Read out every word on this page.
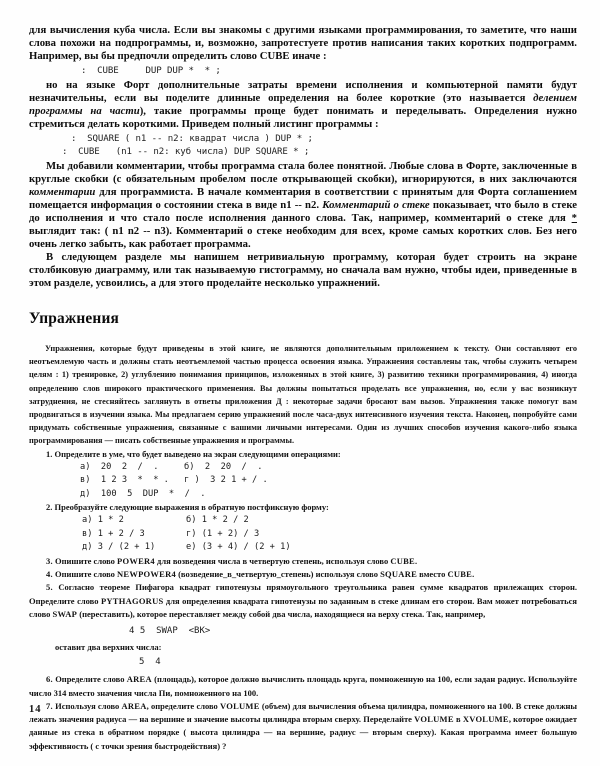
для вычисления куба числа. Если вы знакомы с другими языками программирования, то заметите, что наши слова похожи на подпрограммы, и, возможно, запротестуете против написания таких коротких подпрограмм. Например, вы бы предпочли определить слово CUBE иначе :

:  CUBE     DUP DUP *  * ;

но на языке Форт дополнительные затраты времени исполнения и компьютерной памяти будут незначительны, если вы поделите длинные определения на более короткие (это называется делением программы на части), такие программы проще будет понимать и переделывать. Определения нужно стремиться делать короткими. Приведем полный листинг программы :

:  SQUARE ( n1 -- n2: квадрат числа ) DUP * ;
:  CUBE   (n1 -- n2: куб числа) DUP SQUARE * ;

Мы добавили комментарии, чтобы программа стала более понятной. Любые слова в Форте, заключенные в круглые скобки (с обязательным пробелом после открывающей скобки), игнорируются, в них заключаются комментарии для программиста. В начале комментария в соответствии с принятым для Форта соглашением помещается информация о состоянии стека в виде n1 -- n2. Комментарий о стеке показывает, что было в стеке до исполнения и что стало после исполнения данного слова. Так, например, комментарий о стеке для * выглядит так: ( n1 n2 -- n3). Комментарий о стеке необходим для всех, кроме самых коротких слов. Без него очень легко забыть, как работает программа.

В следующем разделе мы напишем нетривиальную программу, которая будет строить на экране столбиковую диаграмму, или так называемую гистограмму, но сначала вам нужно, чтобы идеи, приведенные в этом разделе, усвоились, а для этого проделайте несколько упражнений.

Упражнения

Упражнения, которые будут приведены в этой книге, не являются дополнительным приложением к тексту. Они составляют его неотъемлемую часть и должны стать неотъемлемой частью процесса освоения языка. Упражнения составлены так, чтобы служить четырем целям : 1) тренировке, 2) углублению понимания принципов, изложенных в этой книге, 3) развитию техники программирования, 4) иногда определению слов широкого практического применения. Вы должны попытаться проделать все упражнения, но, если у вас возникнут затруднения, не стесняйтесь заглянуть в ответы приложения Д : некоторые задачи бросают вам вызов. Упражнения также помогут вам продвигаться в изучении языка. Мы предлагаем серию упражнений после часа-двух интенсивного изучения текста. Наконец, попробуйте сами придумать собственные упражнения, связанные с вашими личными интересами. Один из лучших способов изучения какого-либо языка программирования — писать собственные упражнения и программы.

1. Определите в уме, что будет выведено на экран следующими операциями:

а)  20  2  /  .	б)  2  20  /  .
в)  1 2 3  *  * . г )  3 2 1 + / .
д)  100  5  DUP  *  /  .

2. Преобразуйте следующие выражения в обратную постфиксную форму:

а) 1 * 2	б) 1 * 2 / 2
в) 1 + 2 / 3	г) (1 + 2) / 3
д) 3 / (2 + 1)	е) (3 + 4) / (2 + 1)

3. Опишите слово POWER4 для возведения числа в четвертую степень, используя слово CUBE.

4. Опишите слово NEWPOWER4 (возведение_в_четвертую_степень) используя слово SQUARE вместо CUBE.

5. Согласно теореме Пифагора квадрат гипотенузы прямоугольного треугольника равен сумме квадратов прилежащих сторон. Определите слово PYTHAGORUS для определения квадрата гипотенузы по заданным в стеке длинам его сторон. Вам может потребоваться слово SWAP (переставить), которое переставляет между собой два числа, находящиеся на верху стека. Так, например,

4 5  SWAP  <BK>

оставит два верхних числа:

5  4

6. Определите слово AREA (площадь), которое должно вычислить площадь круга, помноженную на 100, если задан радиус. Используйте число 314 вместо значения числа Пи, помноженного на 100.

7. Используя слово AREA, определите слово VOLUME (объем) для вычисления объема цилиндра, помноженного на 100. В стеке должны лежать значения радиуса — на вершине и значение высоты цилиндра вторым сверху. Переделайте VOLUME в XVOLUME, которое ожидает данные из стека в обратном порядке ( высота цилиндра — на вершине, радиус — вторым сверху). Какая программа имеет большую эффективность ( с точки зрения быстродействия) ?

14
